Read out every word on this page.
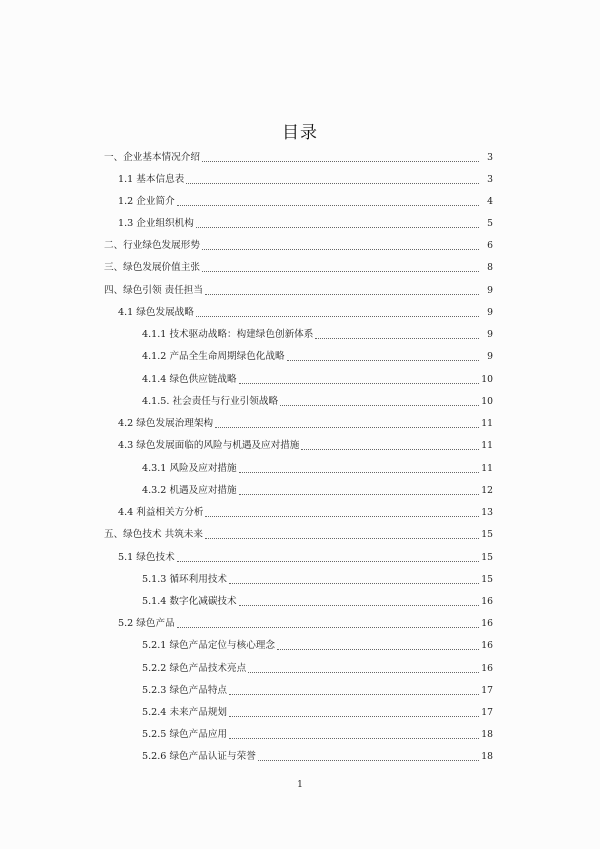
目录
一、企业基本情况介绍	3
1.1 基本信息表	3
1.2 企业简介	4
1.3 企业组织机构	5
二、行业绿色发展形势	6
三、绿色发展价值主张	8
四、绿色引领 责任担当	9
4.1 绿色发展战略	9
4.1.1 技术驱动战略：构建绿色创新体系	9
4.1.2 产品全生命周期绿色化战略	9
4.1.4 绿色供应链战略	10
4.1.5. 社会责任与行业引领战略	10
4.2 绿色发展治理架构	11
4.3 绿色发展面临的风险与机遇及应对措施	11
4.3.1 风险及应对措施	11
4.3.2 机遇及应对措施	12
4.4 利益相关方分析	13
五、绿色技术 共筑未来	15
5.1 绿色技术	15
5.1.3 循环利用技术	15
5.1.4 数字化减碳技术	16
5.2 绿色产品	16
5.2.1 绿色产品定位与核心理念	16
5.2.2 绿色产品技术亮点	16
5.2.3 绿色产品特点	17
5.2.4 未来产品规划	17
5.2.5 绿色产品应用	18
5.2.6 绿色产品认证与荣誉	18
1
